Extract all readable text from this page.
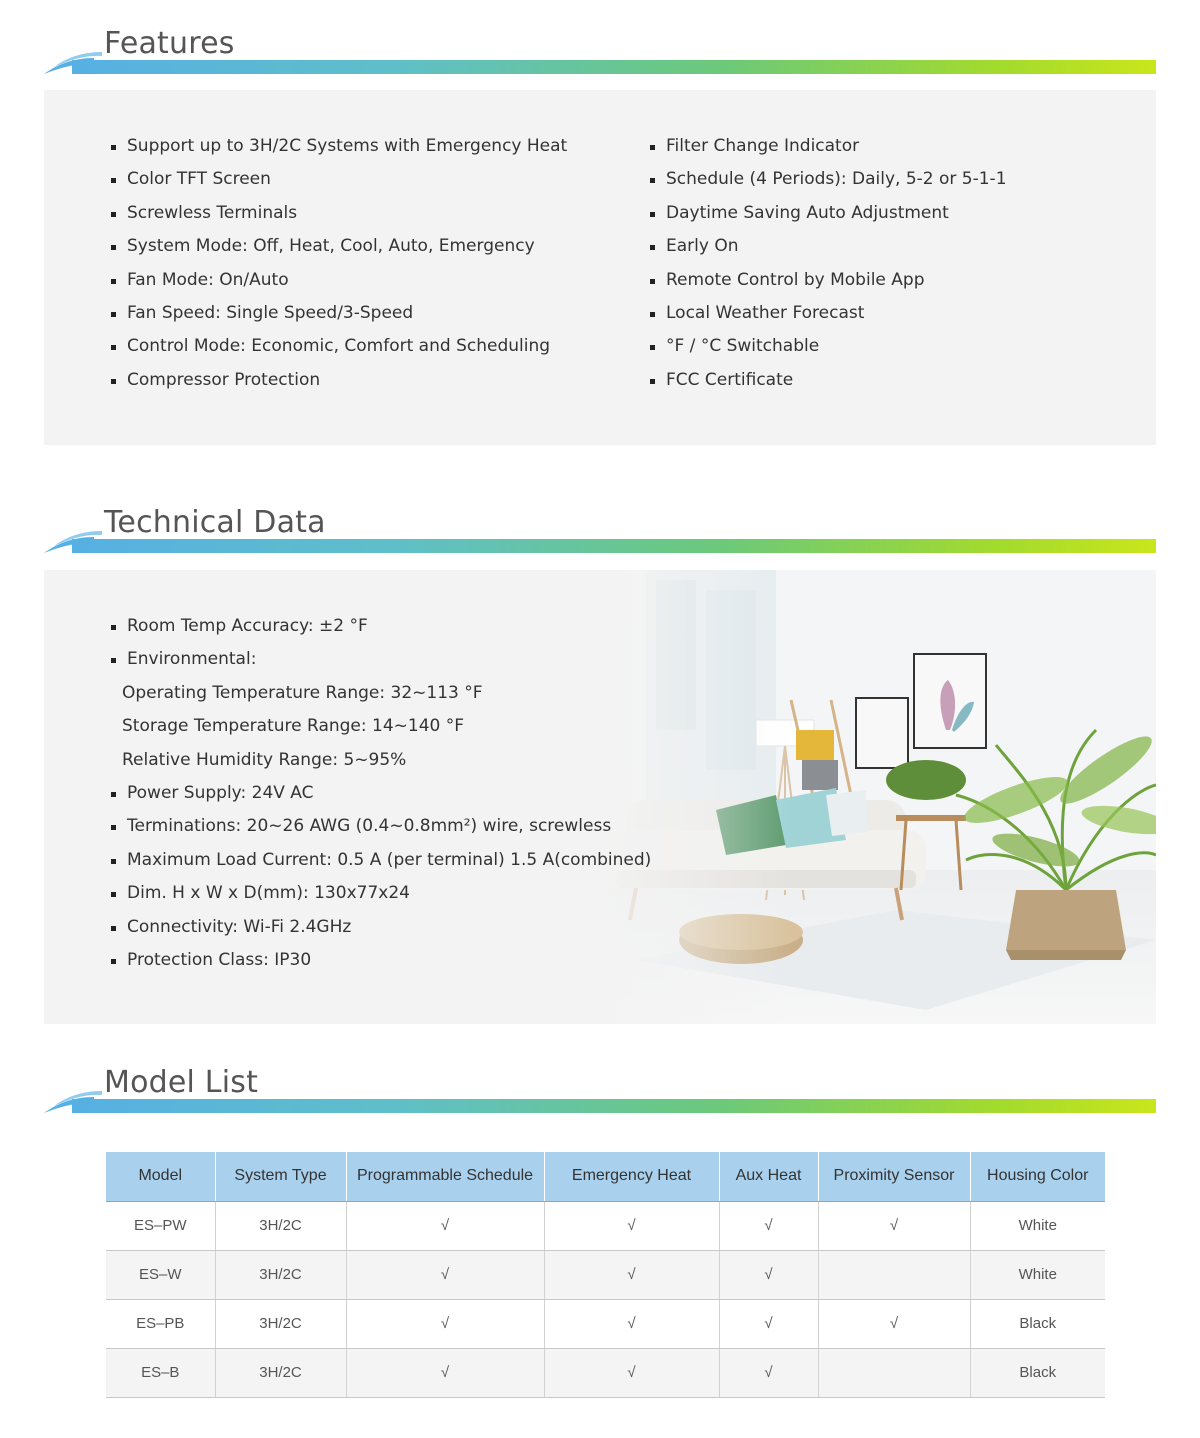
Features
Support up to 3H/2C Systems with Emergency Heat
Color TFT Screen
Screwless Terminals
System Mode: Off, Heat, Cool, Auto, Emergency
Fan Mode: On/Auto
Fan Speed: Single Speed/3-Speed
Control Mode: Economic, Comfort and Scheduling
Compressor Protection
Filter Change Indicator
Schedule (4 Periods): Daily, 5-2 or 5-1-1
Daytime Saving Auto Adjustment
Early On
Remote Control by Mobile App
Local Weather Forecast
°F / °C Switchable
FCC Certificate
Technical Data
Room Temp Accuracy: ±2 °F
Environmental:
Operating Temperature Range: 32~113 °F
Storage Temperature Range: 14~140 °F
Relative Humidity Range: 5~95%
Power Supply: 24V AC
Terminations: 20~26 AWG (0.4~0.8mm²) wire, screwless
Maximum Load Current: 0.5 A (per terminal) 1.5 A(combined)
Dim. H x W x D(mm): 130x77x24
Connectivity: Wi-Fi 2.4GHz
Protection Class: IP30
Model List
Model	System Type	Programmable Schedule	Emergency Heat	Aux Heat	Proximity Sensor	Housing Color
ES–PW	3H/2C	√	√	√	√	White
ES–W	3H/2C	√	√	√		White
ES–PB	3H/2C	√	√	√	√	Black
ES–B	3H/2C	√	√	√		Black
